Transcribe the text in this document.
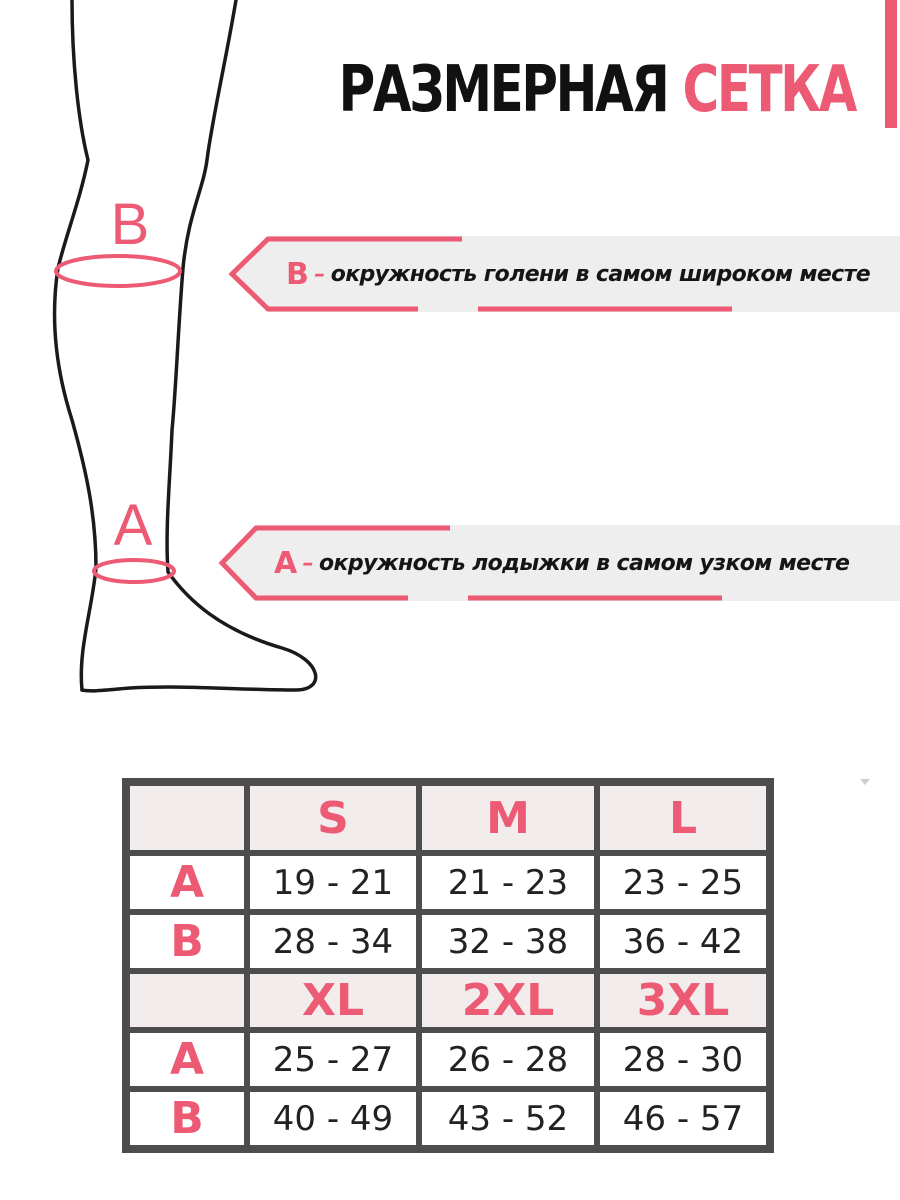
РАЗМЕРНАЯ СЕТКА
B
A
B – окружность голени в самом широком месте
A – окружность лодыжки в самом узком месте
	S	M	L
A	19 - 21	21 - 23	23 - 25
B	28 - 34	32 - 38	36 - 42
	XL	2XL	3XL
A	25 - 27	26 - 28	28 - 30
B	40 - 49	43 - 52	46 - 57
